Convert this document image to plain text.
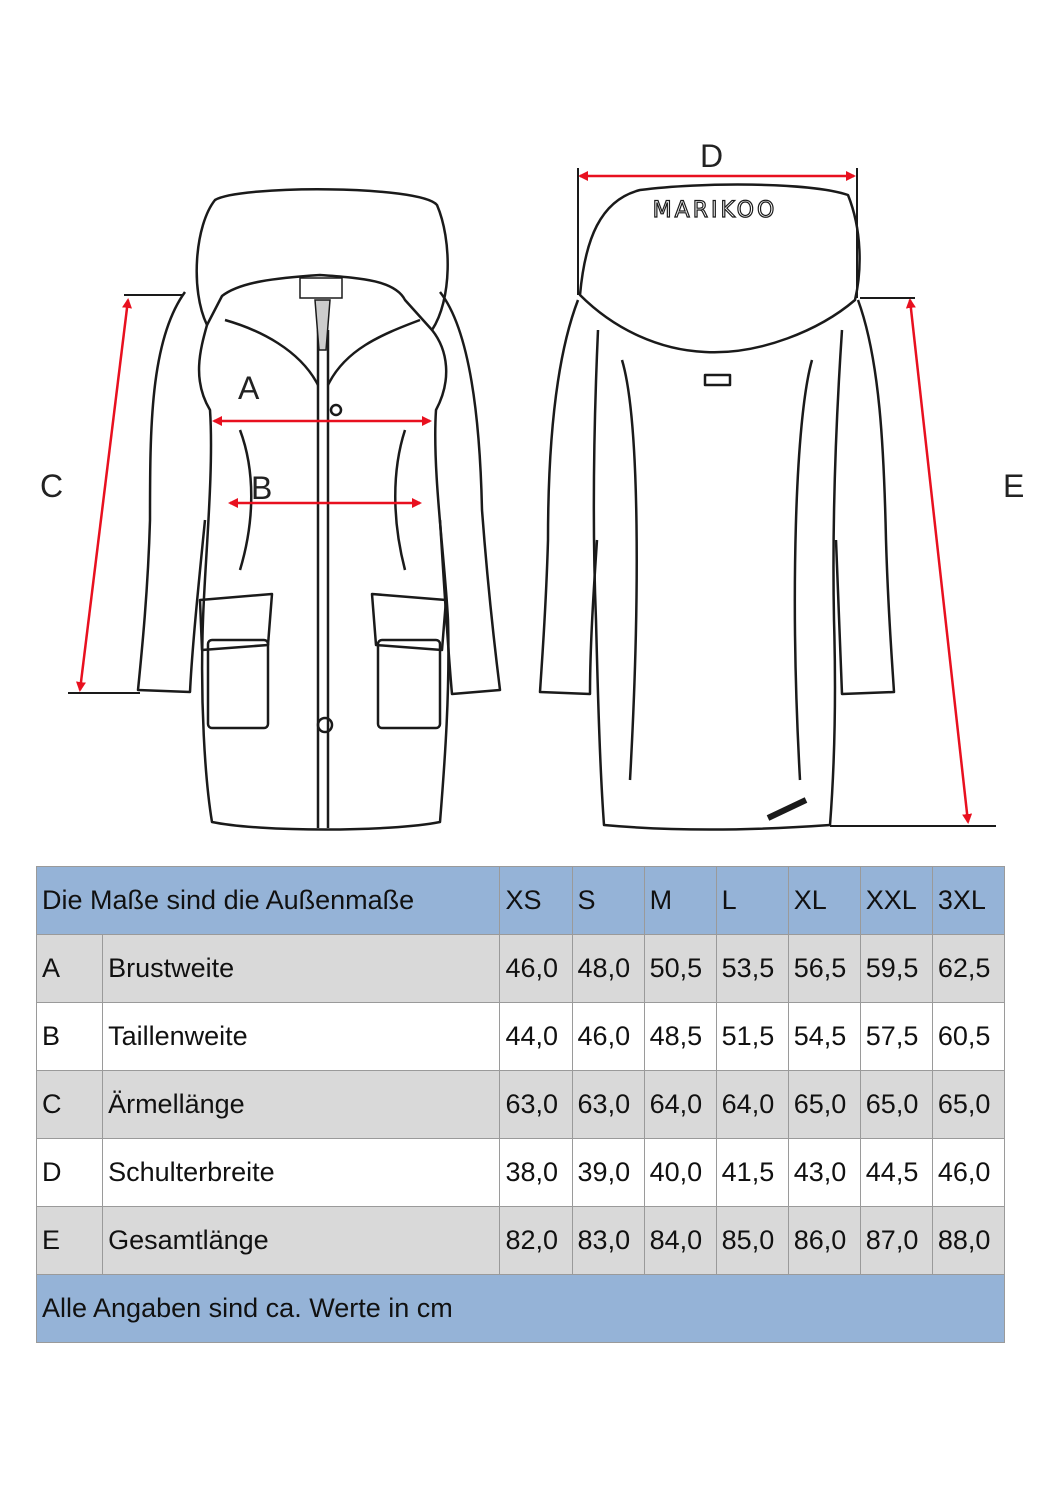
MARIKOO
A
B
C
D
E
Die Maße sind die Außenmaße		XS	S	M	L	XL	XXL	3XL
A	Brustweite	46,0	48,0	50,5	53,5	56,5	59,5	62,5
B	Taillenweite	44,0	46,0	48,5	51,5	54,5	57,5	60,5
C	Ärmellänge	63,0	63,0	64,0	64,0	65,0	65,0	65,0
D	Schulterbreite	38,0	39,0	40,0	41,5	43,0	44,5	46,0
E	Gesamtlänge	82,0	83,0	84,0	85,0	86,0	87,0	88,0
Alle Angaben sind ca. Werte in cm								
